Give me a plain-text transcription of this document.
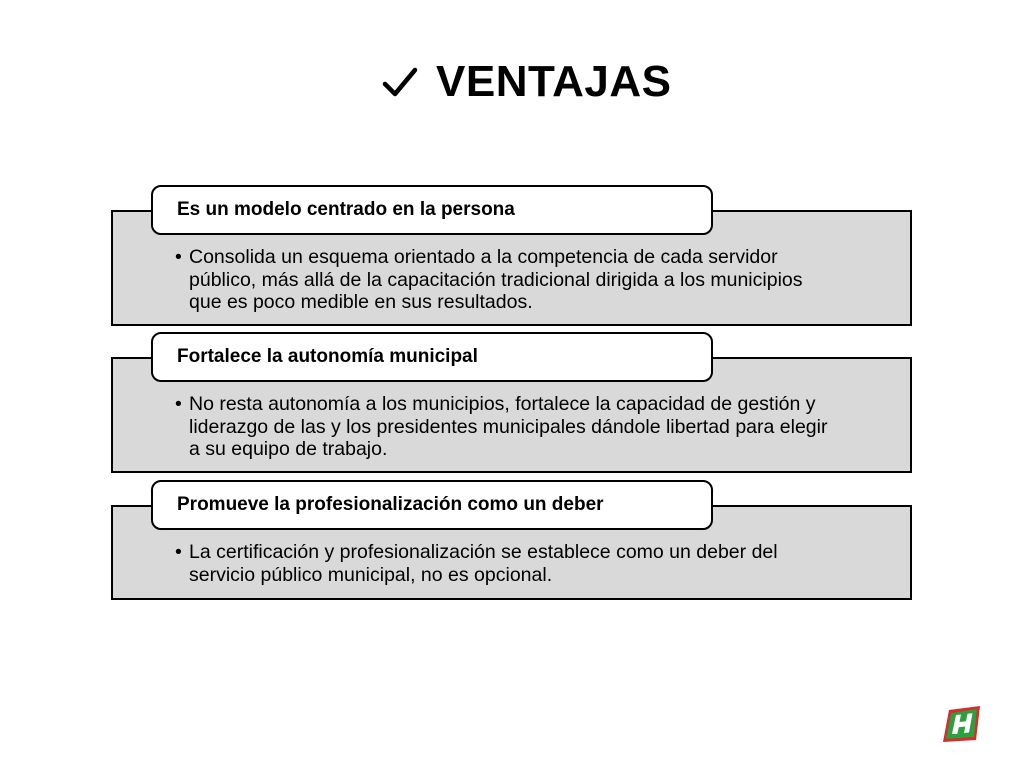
VENTAJAS
• Consolida un esquema orientado a la competencia de cada servidor público, más allá de la capacitación tradicional dirigida a los municipios que es poco medible en sus resultados.
Es un modelo centrado en la persona
• No resta autonomía a los municipios, fortalece la capacidad de gestión y liderazgo de las y los presidentes municipales dándole libertad para elegir a su equipo de trabajo.
Fortalece la autonomía municipal
• La certificación y profesionalización se establece como un deber del servicio público municipal, no es opcional.
Promueve la profesionalización como un deber
